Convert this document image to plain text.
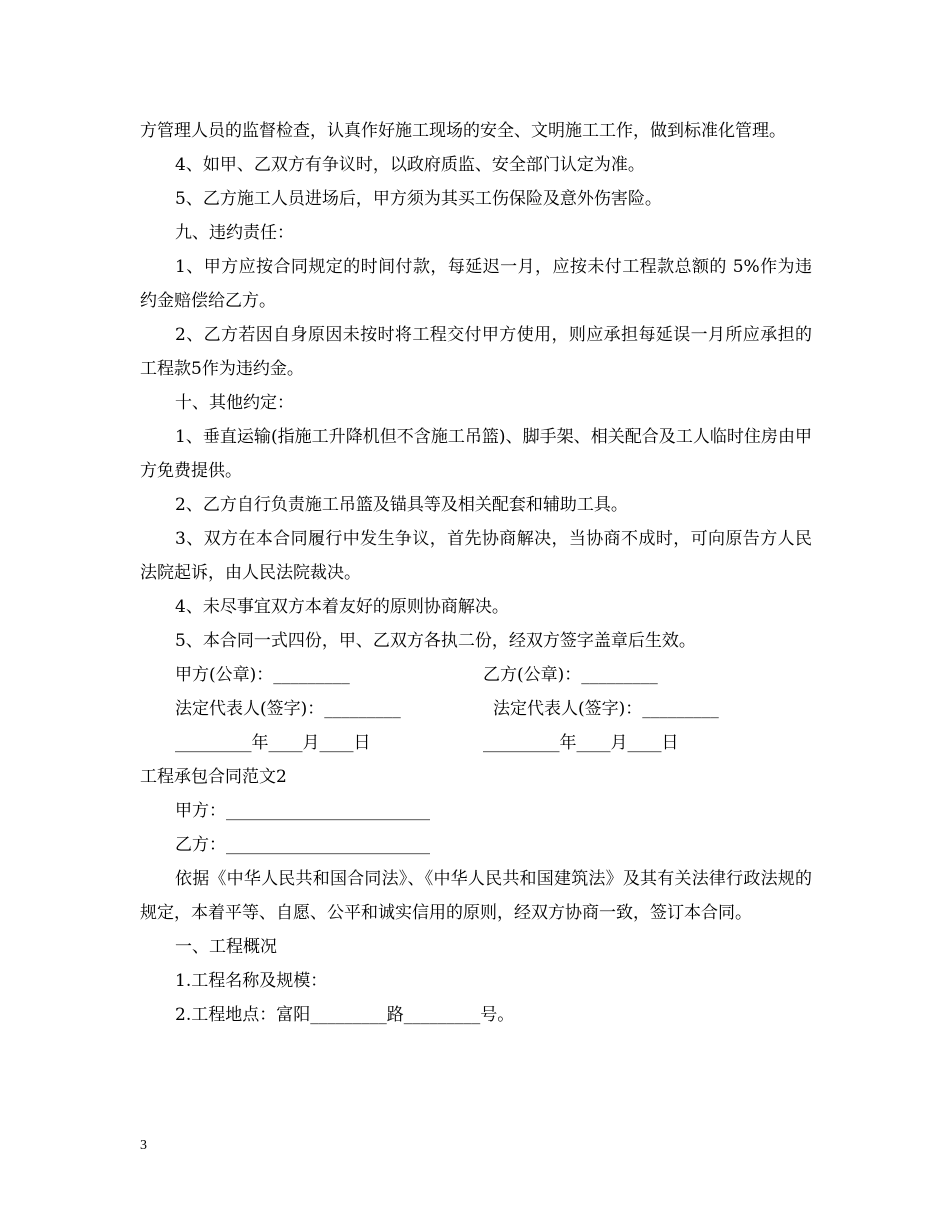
方管理人员的监督检查，认真作好施工现场的安全、文明施工工作，做到标准化管理。

4、如甲、乙双方有争议时，以政府质监、安全部门认定为准。

5、乙方施工人员进场后，甲方须为其买工伤保险及意外伤害险。

九、违约责任：

1、甲方应按合同规定的时间付款，每延迟一月，应按未付工程款总额的 5%作为违约金赔偿给乙方。

2、乙方若因自身原因未按时将工程交付甲方使用，则应承担每延误一月所应承担的工程款5作为违约金。

十、其他约定：

1、垂直运输(指施工升降机但不含施工吊篮)、脚手架、相关配合及工人临时住房由甲方免费提供。

2、乙方自行负责施工吊篮及锚具等及相关配套和辅助工具。

3、双方在本合同履行中发生争议，首先协商解决，当协商不成时，可向原告方人民法院起诉，由人民法院裁决。

4、未尽事宜双方本着友好的原则协商解决。

5、本合同一式四份，甲、乙双方各执二份，经双方签字盖章后生效。

甲方(公章)：_________	乙方(公章)：_________
法定代表人(签字)：_________	法定代表人(签字)：_________
_________年____月____日	_________年____月____日

工程承包合同范文2

甲方：________________________

乙方：________________________

依据《中华人民共和国合同法》、《中华人民共和国建筑法》及其有关法律行政法规的规定，本着平等、自愿、公平和诚实信用的原则，经双方协商一致，签订本合同。

一、工程概况

1.工程名称及规模：

2.工程地点：富阳_________路_________号。

3
